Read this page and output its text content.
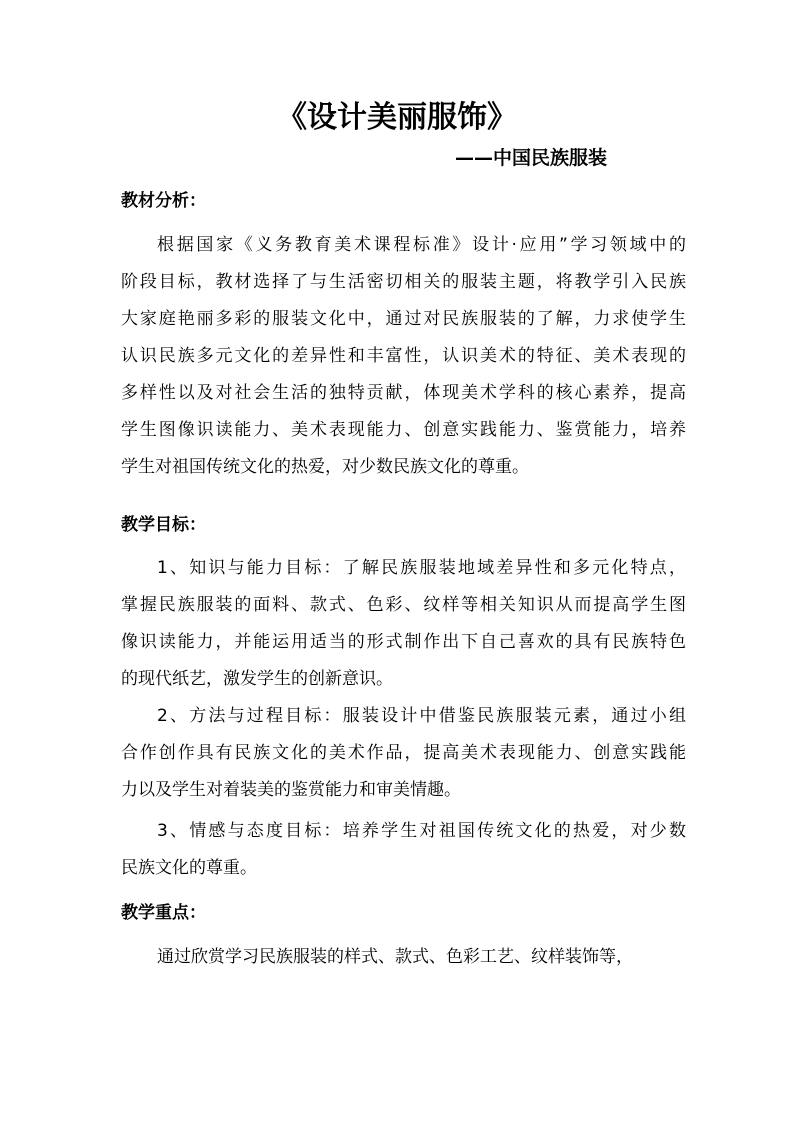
《设计美丽服饰》
——中国民族服装
教材分析：
根据国家《义务教育美术课程标准》设计·应用”学习领域中的
阶段目标，教材选择了与生活密切相关的服装主题，将教学引入民族
大家庭艳丽多彩的服装文化中，通过对民族服装的了解，力求使学生
认识民族多元文化的差异性和丰富性，认识美术的特征、美术表现的
多样性以及对社会生活的独特贡献，体现美术学科的核心素养，提高
学生图像识读能力、美术表现能力、创意实践能力、鉴赏能力，培养
学生对祖国传统文化的热爱，对少数民族文化的尊重。
教学目标：
1、知识与能力目标：了解民族服装地域差异性和多元化特点，
掌握民族服装的面料、款式、色彩、纹样等相关知识从而提高学生图
像识读能力，并能运用适当的形式制作出下自己喜欢的具有民族特色
的现代纸艺，激发学生的创新意识。
2、方法与过程目标：服装设计中借鉴民族服装元素，通过小组
合作创作具有民族文化的美术作品，提高美术表现能力、创意实践能
力以及学生对着装美的鉴赏能力和审美情趣。
3、情感与态度目标：培养学生对祖国传统文化的热爱，对少数
民族文化的尊重。
教学重点：
通过欣赏学习民族服装的样式、款式、色彩工艺、纹样装饰等，
